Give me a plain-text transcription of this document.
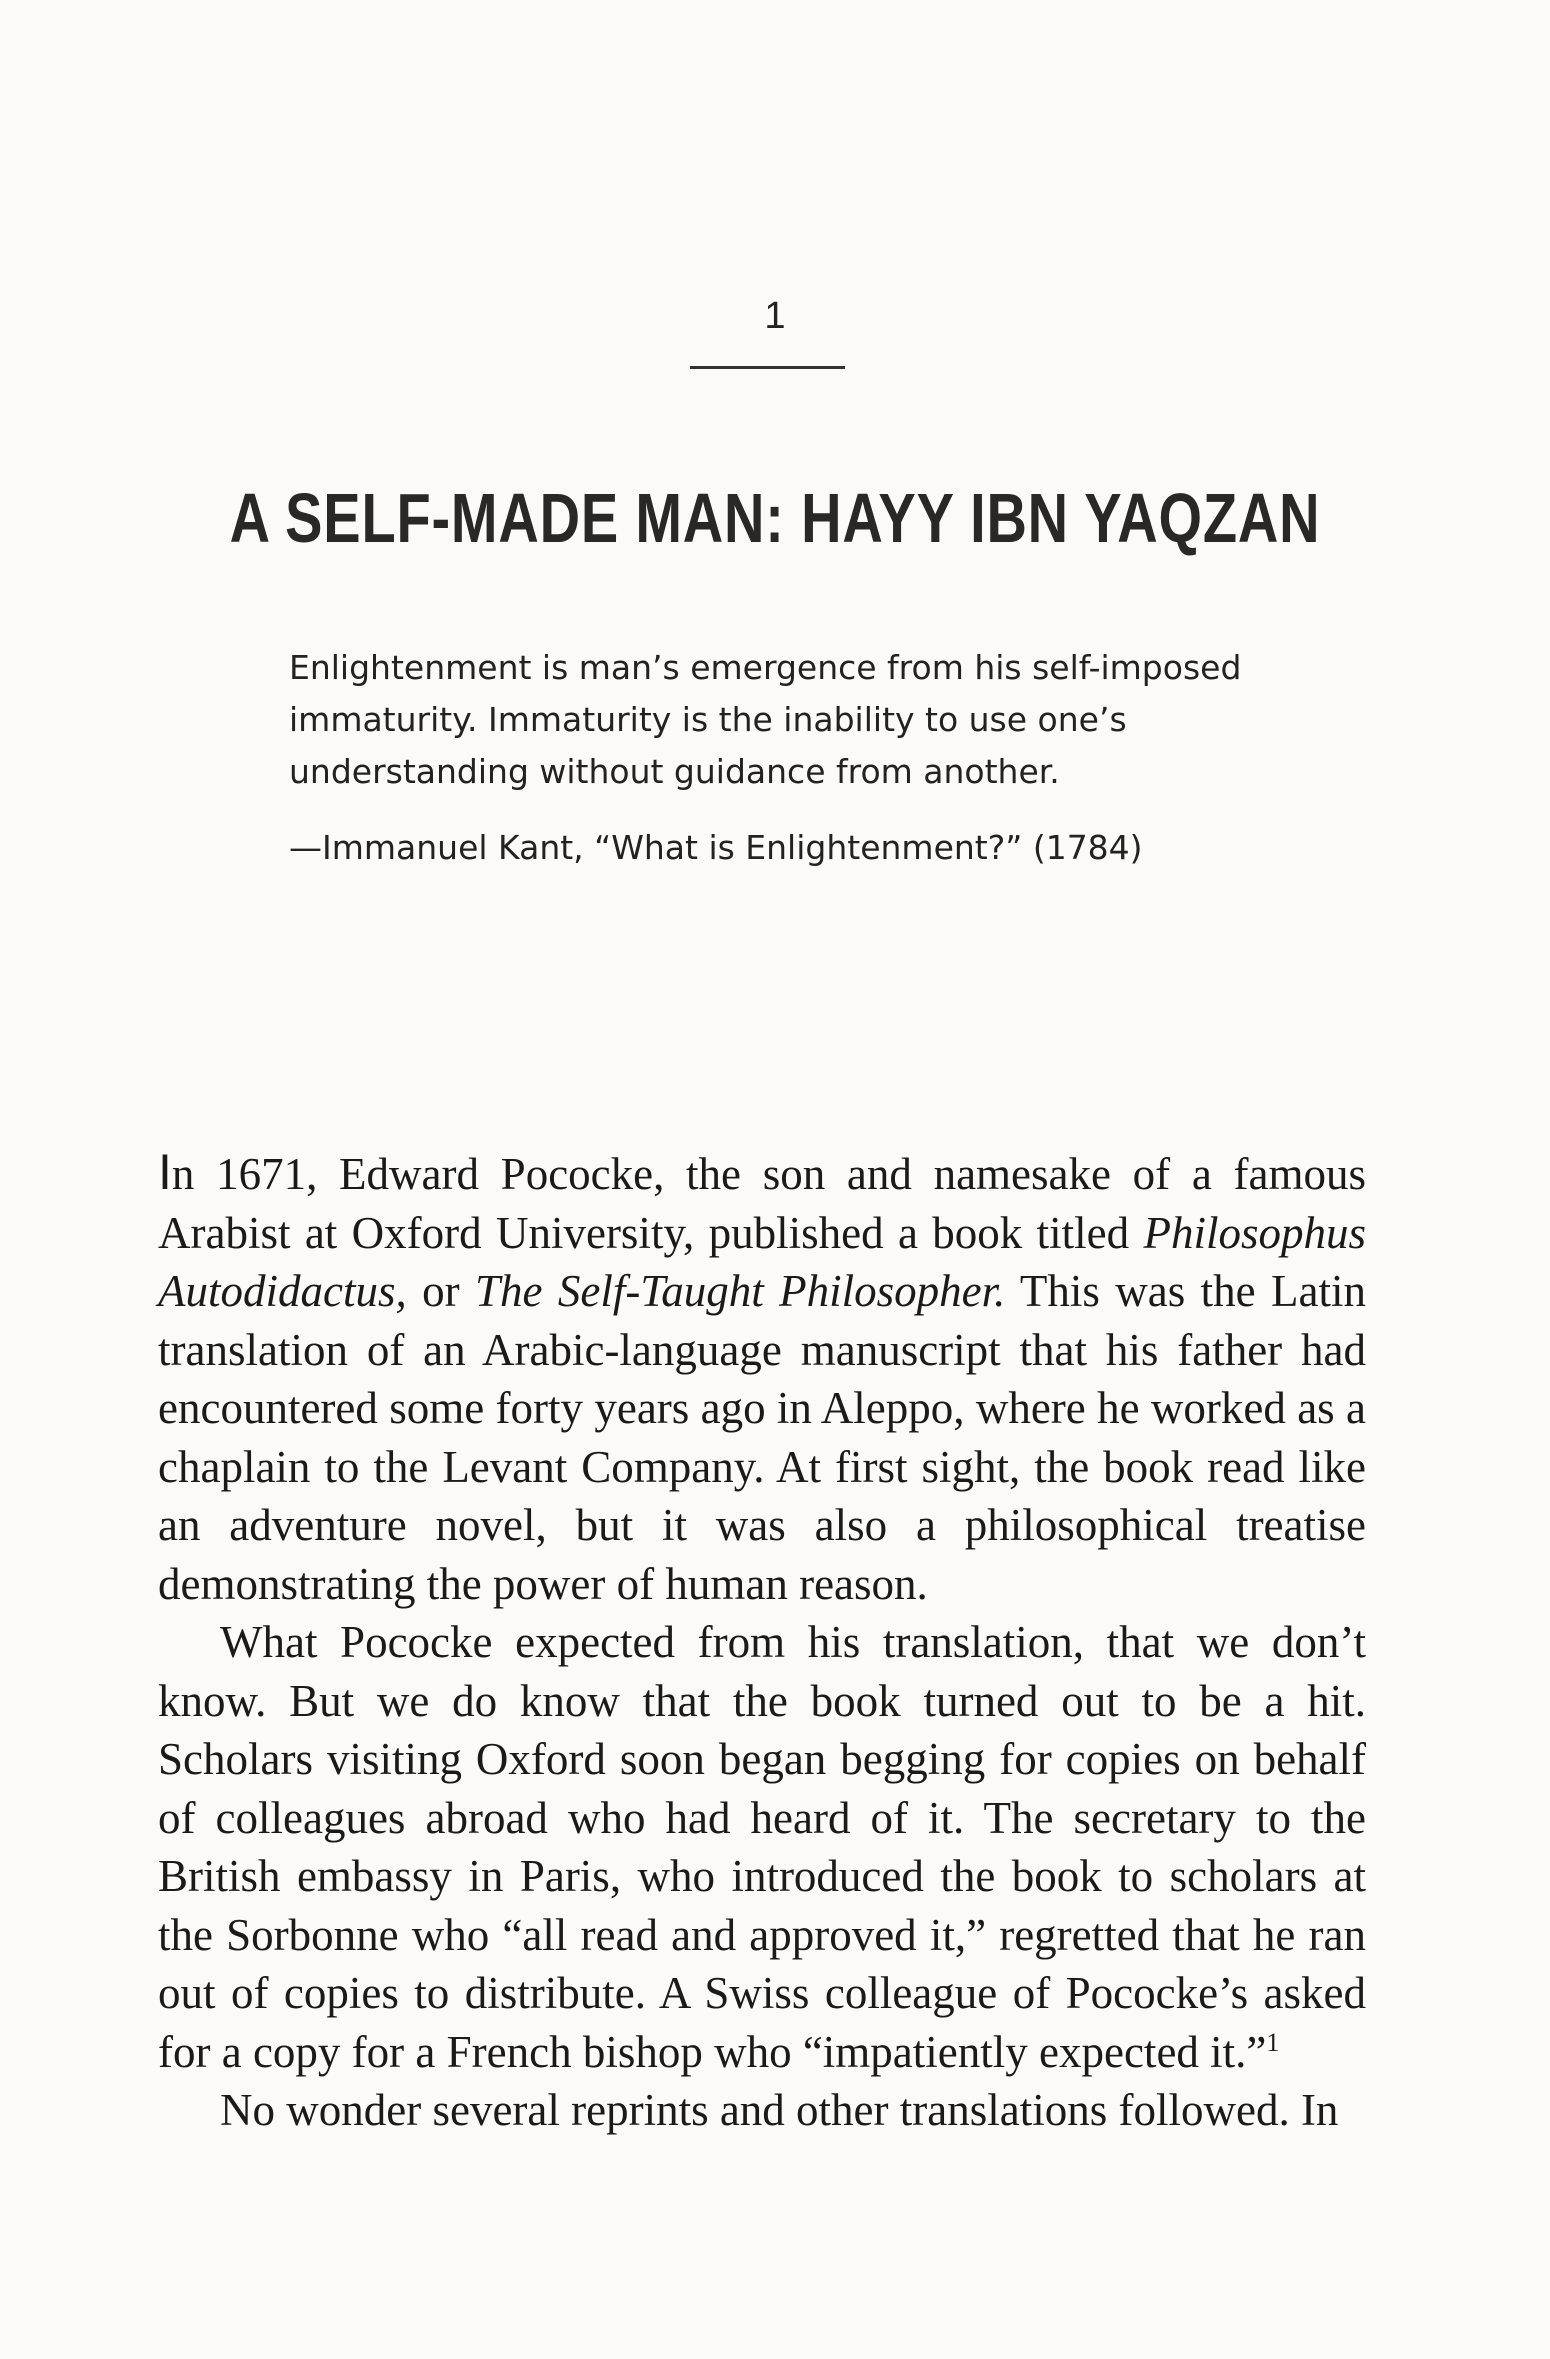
1
A SELF-MADE MAN: HAYY IBN YAQZAN

Enlightenment is man’s emergence from his self-imposed immaturity. Immaturity is the inability to use one’s understanding without guidance from another.

—Immanuel Kant, “What is Enlightenment?” (1784)

In 1671, Edward Pococke, the son and namesake of a famous Arabist at Oxford University, published a book titled Philosophus Autodidactus, or The Self-Taught Philosopher. This was the Latin translation of an Arabic-language manuscript that his father had encountered some forty years ago in Aleppo, where he worked as a chaplain to the Levant Company. At first sight, the book read like an adventure novel, but it was also a philosophical treatise demonstrating the power of human reason.

What Pococke expected from his translation, that we don’t know. But we do know that the book turned out to be a hit. Scholars visiting Oxford soon began begging for copies on behalf of colleagues abroad who had heard of it. The secretary to the British embassy in Paris, who introduced the book to scholars at the Sorbonne who “all read and approved it,” regretted that he ran out of copies to distribute. A Swiss colleague of Pococke’s asked for a copy for a French bishop who “impatiently expected it.”$^1$

No wonder several reprints and other translations followed. In
